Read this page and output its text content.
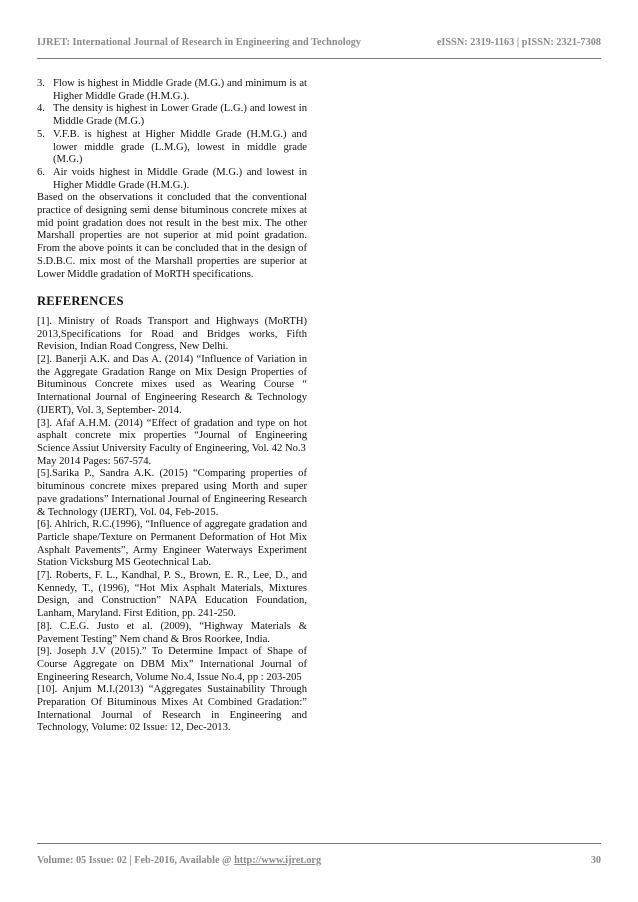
IJRET: International Journal of Research in Engineering and Technology	eISSN: 2319-1163 | pISSN: 2321-7308
3. Flow is highest in Middle Grade (M.G.) and minimum is at Higher Middle Grade (H.M.G.).
4. The density is highest in Lower Grade (L.G.) and lowest in Middle Grade (M.G.)
5. V.F.B. is highest at Higher Middle Grade (H.M.G.) and lower middle grade (L.M.G), lowest in middle grade (M.G.)
6. Air voids highest in Middle Grade (M.G.) and lowest in Higher Middle Grade (H.M.G.).

Based on the observations it concluded that the conventional practice of designing semi dense bituminous concrete mixes at mid point gradation does not result in the best mix. The other Marshall properties are not superior at mid point gradation. From the above points it can be concluded that in the design of S.D.B.C. mix most of the Marshall properties are superior at Lower Middle gradation of MoRTH specifications.

REFERENCES

[1]. Ministry of Roads Transport and Highways (MoRTH) 2013,Specifications for Road and Bridges works, Fifth Revision, Indian Road Congress, New Delhi.

[2]. Banerji A.K. and Das A. (2014) “Influence of Variation in the Aggregate Gradation Range on Mix Design Properties of Bituminous Concrete mixes used as Wearing Course “ International Journal of Engineering Research & Technology (IJERT), Vol. 3, September- 2014.

[3]. Afaf A.H.M. (2014) “Effect of gradation and type on hot asphalt concrete mix properties “Journal of Engineering Science Assiut University Faculty of Engineering, Vol. 42 No.3

May 2014 Pages: 567-574.

[5].Sarika P., Sandra A.K. (2015) “Comparing properties of bituminous concrete mixes prepared using Morth and super pave gradations” International Journal of Engineering Research & Technology (IJERT), Vol. 04, Feb-2015.

[6]. Ahlrich, R.C.(1996), “Influence of aggregate gradation and Particle shape/Texture on Permanent Deformation of Hot Mix Asphalt Pavements”, Army Engineer Waterways Experiment Station Vicksburg MS Geotechnical Lab.

[7]. Roberts, F. L., Kandhal, P. S., Brown, E. R., Lee, D., and Kennedy, T., (1996), “Hot Mix Asphalt Materials, Mixtures Design, and Construction” NAPA Education Foundation, Lanham, Maryland. First Edition, pp. 241-250.

[8]. C.E.G. Justo et al. (2009), “Highway Materials & Pavement Testing” Nem chand & Bros Roorkee, India.

[9]. Joseph J.V (2015).” To Determine Impact of Shape of Course Aggregate on DBM Mix” International Journal of Engineering Research, Volume No.4, Issue No.4, pp : 203-205

[10]. Anjum M.I.(2013) “Aggregates Sustainability Through Preparation Of Bituminous Mixes At Combined Gradation:” International Journal of Research in Engineering and Technology, Volume: 02 Issue: 12, Dec-2013.

Volume: 05 Issue: 02 | Feb-2016, Available @ http://www.ijret.org	30
